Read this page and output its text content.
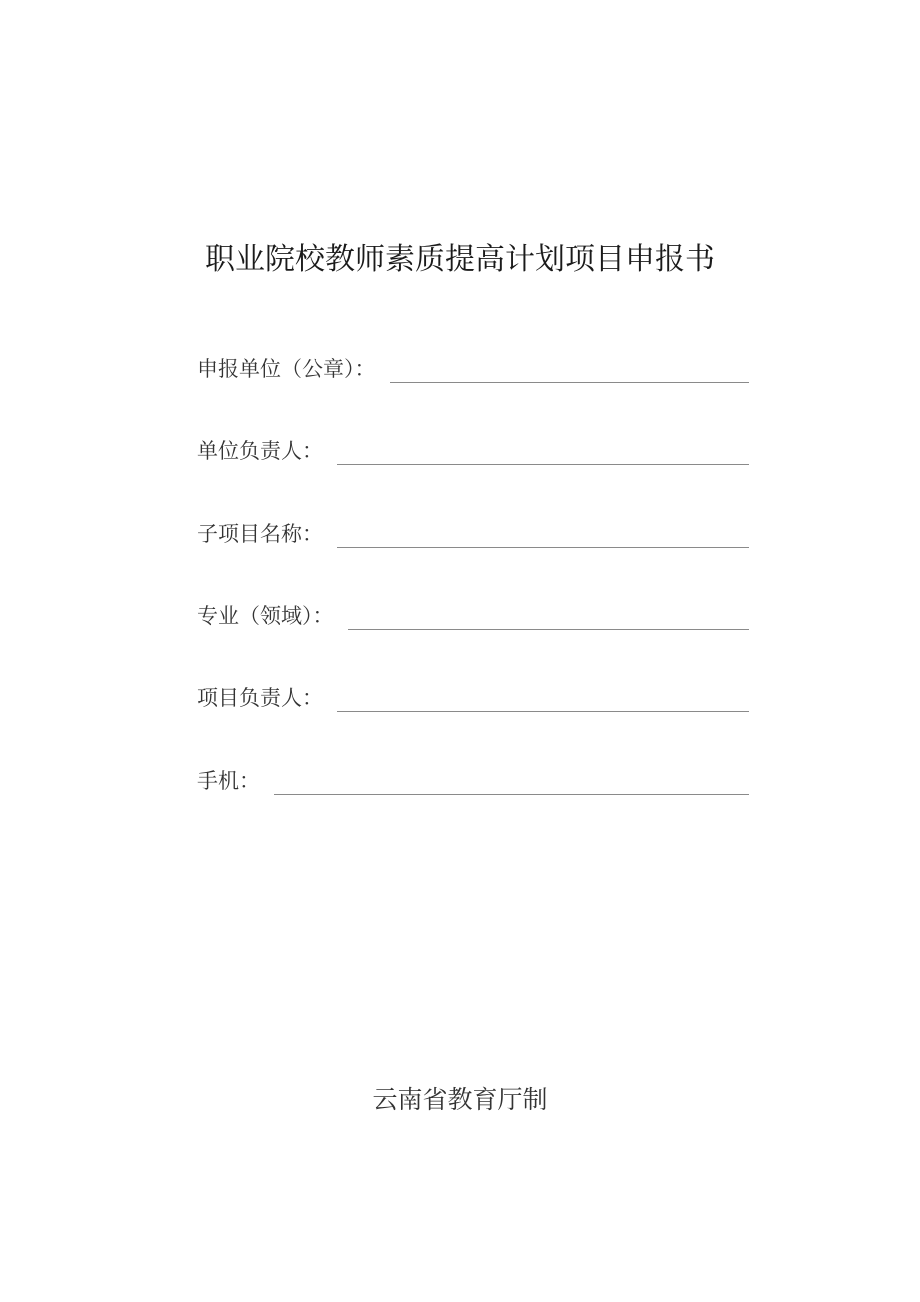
职业院校教师素质提高计划项目申报书
申报单位（公章）：
单位负责人：
子项目名称：
专业（领域）：
项目负责人：
手机：
云南省教育厅制
